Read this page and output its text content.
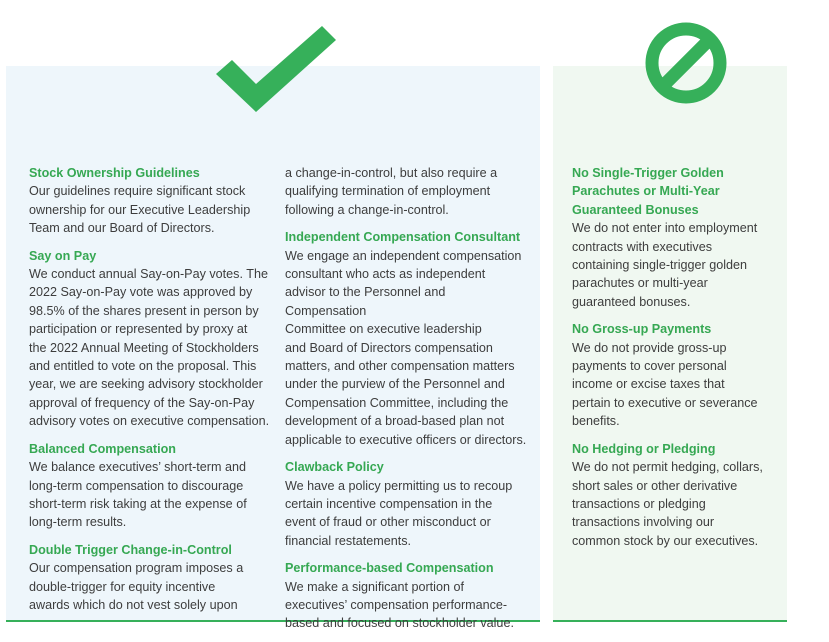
Stock Ownership Guidelines
Our guidelines require significant stock
ownership for our Executive Leadership
Team and our Board of Directors.
Say on Pay
We conduct annual Say-on-Pay votes. The
2022 Say-on-Pay vote was approved by
98.5% of the shares present in person by
participation or represented by proxy at
the 2022 Annual Meeting of Stockholders
and entitled to vote on the proposal. This
year, we are seeking advisory stockholder
approval of frequency of the Say-on-Pay
advisory votes on executive compensation.
Balanced Compensation
We balance executives’ short-term and
long-term compensation to discourage
short-term risk taking at the expense of
long-term results.
Double Trigger Change-in-Control
Our compensation program imposes a
double-trigger for equity incentive
awards which do not vest solely upon
a change-in-control, but also require a
qualifying termination of employment
following a change-in-control.
Independent Compensation Consultant
We engage an independent compensation
consultant who acts as independent
advisor to the Personnel and Compensation
Committee on executive leadership
and Board of Directors compensation
matters, and other compensation matters
under the purview of the Personnel and
Compensation Committee, including the
development of a broad-based plan not
applicable to executive officers or directors.
Clawback Policy
We have a policy permitting us to recoup
certain incentive compensation in the
event of fraud or other misconduct or
financial restatements.
Performance-based Compensation
We make a significant portion of
executives’ compensation performance-
based and focused on stockholder value.
No Single-Trigger Golden
Parachutes or Multi-Year
Guaranteed Bonuses
We do not enter into employment
contracts with executives
containing single-trigger golden
parachutes or multi-year
guaranteed bonuses.
No Gross-up Payments
We do not provide gross-up
payments to cover personal
income or excise taxes that
pertain to executive or severance
benefits.
No Hedging or Pledging
We do not permit hedging, collars,
short sales or other derivative
transactions or pledging
transactions involving our
common stock by our executives.
